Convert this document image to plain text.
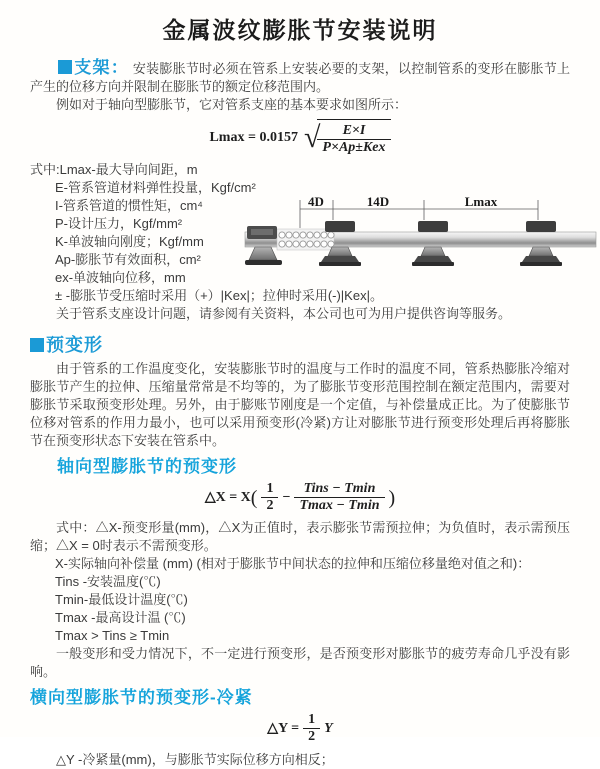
金属波纹膨胀节安装说明

支架： 安装膨胀节时必须在管系上安装必要的支架，以控制管系的变形在膨胀节上产生的位移方向并限制在膨胀节的额定位移范围内。

例如对于轴向型膨胀节，它对管系支座的基本要求如图所示：

Lmax = 0.0157 √
$\frac{E\times I}{\text{P×Ap±Kex}}$
式中:Lmax-最大导向间距，m
E-管系管道材料弹性投量，Kgf/cm²
I-管系管道的惯性矩，cm⁴
P-设计压力，Kgf/mm²
K-单波轴向刚度；Kgf/mm
Ap-膨胀节有效面积，cm²
ex-单波轴向位移，mm
± -膨胀节受压缩时采用（+）|Kex|；拉伸时采用(-)|Kex|。

关于管系支座设计问题，请参阅有关资料，本公司也可为用户提供咨询等服务。

预变形

由于管系的工作温度变化，安装膨胀节时的温度与工作时的温度不同，管系热膨胀冷缩对膨胀节产生的拉伸、压缩量常常是不均等的，为了膨胀节变形范围控制在额定范围内，需要对膨胀节采取预变形处理。另外，由于膨账节刚度是一个定值，与补偿量成正比。为了使膨胀节位移对管系的作用力最小，也可以采用预变形(冷紧)方让对膨胀节进行预变形处理后再将膨胀节在预变形状态下安装在管系中。

轴向型膨胀节的预变形
△X = X ( $\frac{1}{2} - \frac{\text{Tins − Tmin}}{Tmax - Tmin}$ )

式中：△X-预变形量(mm)，△X为正值时，表示膨张节需预拉伸；为负值时，表示需预压缩；△X = 0时表示不需预变形。

X-实际轴向补偿量 (mm) (相对于膨胀节中间状态的拉伸和压缩位移量绝对值之和)：
Tins -安装温度(℃)
Tmin-最低设计温度(℃)
Tmax -最高设计温 (℃)
Tmax > Tins ≥ Tmin

一般变形和受力情况下，不一定进行预变形，是否预变形对膨胀节的疲劳寿命几乎没有影响。

横向型膨胀节的预变形-冷紧
△Y = $\frac{1}{2}$ Y

△Y -冷紧量(mm)，与膨胀节实际位移方向相反；

4D	14D	Lmax
